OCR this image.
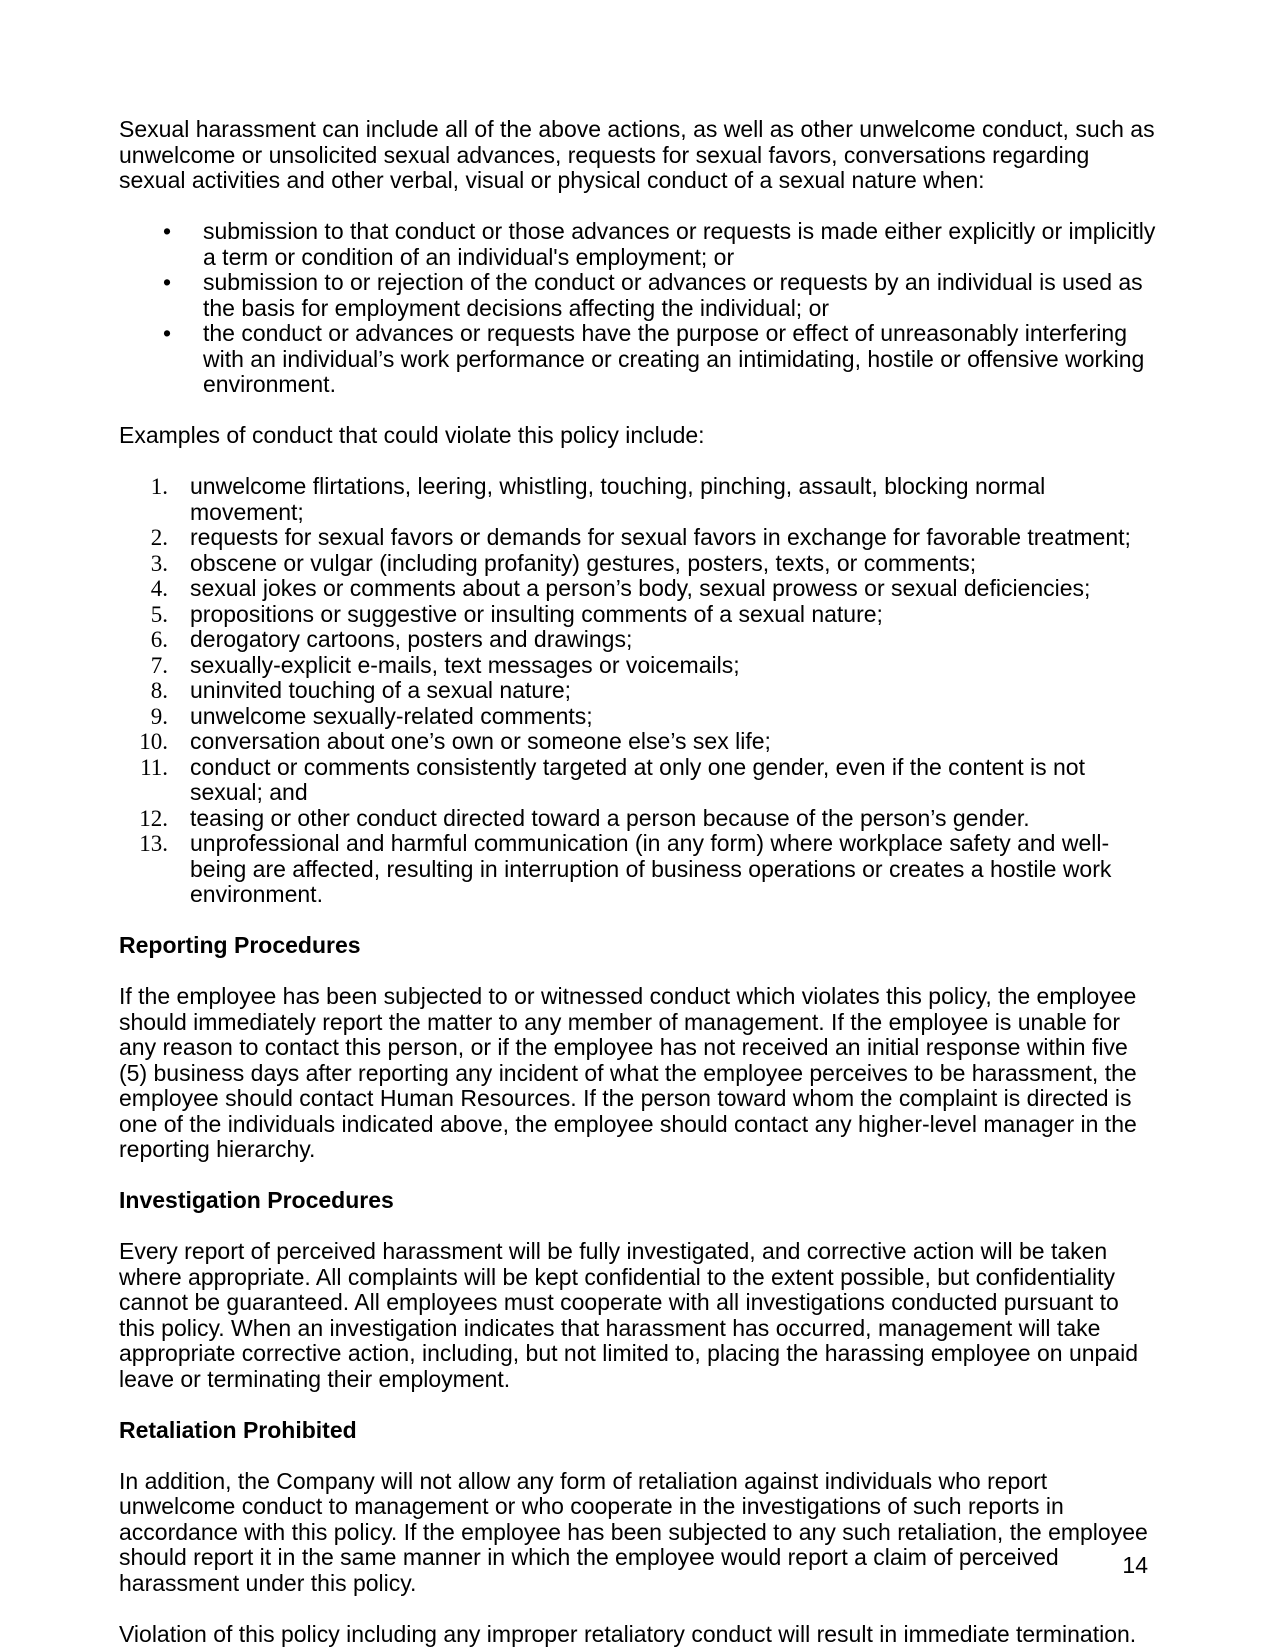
Sexual harassment can include all of the above actions, as well as other unwelcome conduct, such as unwelcome or unsolicited sexual advances, requests for sexual favors, conversations regarding sexual activities and other verbal, visual or physical conduct of a sexual nature when:

•	submission to that conduct or those advances or requests is made either explicitly or implicitly a term or condition of an individual's employment; or
•	submission to or rejection of the conduct or advances or requests by an individual is used as the basis for employment decisions affecting the individual; or
•	the conduct or advances or requests have the purpose or effect of unreasonably interfering with an individual’s work performance or creating an intimidating, hostile or offensive working environment.

Examples of conduct that could violate this policy include:

1. unwelcome flirtations, leering, whistling, touching, pinching, assault, blocking normal movement;
2. requests for sexual favors or demands for sexual favors in exchange for favorable treatment;
3. obscene or vulgar (including profanity) gestures, posters, texts, or comments;
4. sexual jokes or comments about a person’s body, sexual prowess or sexual deficiencies;
5. propositions or suggestive or insulting comments of a sexual nature;
6. derogatory cartoons, posters and drawings;
7. sexually-explicit e-mails, text messages or voicemails;
8. uninvited touching of a sexual nature;
9. unwelcome sexually-related comments;
10. conversation about one’s own or someone else’s sex life;
11. conduct or comments consistently targeted at only one gender, even if the content is not sexual; and
12. teasing or other conduct directed toward a person because of the person’s gender.
13. unprofessional and harmful communication (in any form) where workplace safety and well-being are affected, resulting in interruption of business operations or creates a hostile work environment.
Reporting Procedures

If the employee has been subjected to or witnessed conduct which violates this policy, the employee should immediately report the matter to any member of management. If the employee is unable for any reason to contact this person, or if the employee has not received an initial response within five (5) business days after reporting any incident of what the employee perceives to be harassment, the employee should contact Human Resources. If the person toward whom the complaint is directed is one of the individuals indicated above, the employee should contact any higher-level manager in the reporting hierarchy.

Investigation Procedures

Every report of perceived harassment will be fully investigated, and corrective action will be taken where appropriate. All complaints will be kept confidential to the extent possible, but confidentiality cannot be guaranteed. All employees must cooperate with all investigations conducted pursuant to this policy. When an investigation indicates that harassment has occurred, management will take appropriate corrective action, including, but not limited to, placing the harassing employee on unpaid leave or terminating their employment.

Retaliation Prohibited

In addition, the Company will not allow any form of retaliation against individuals who report unwelcome conduct to management or who cooperate in the investigations of such reports in accordance with this policy. If the employee has been subjected to any such retaliation, the employee should report it in the same manner in which the employee would report a claim of perceived harassment under this policy.

Violation of this policy including any improper retaliatory conduct will result in immediate termination.

14
